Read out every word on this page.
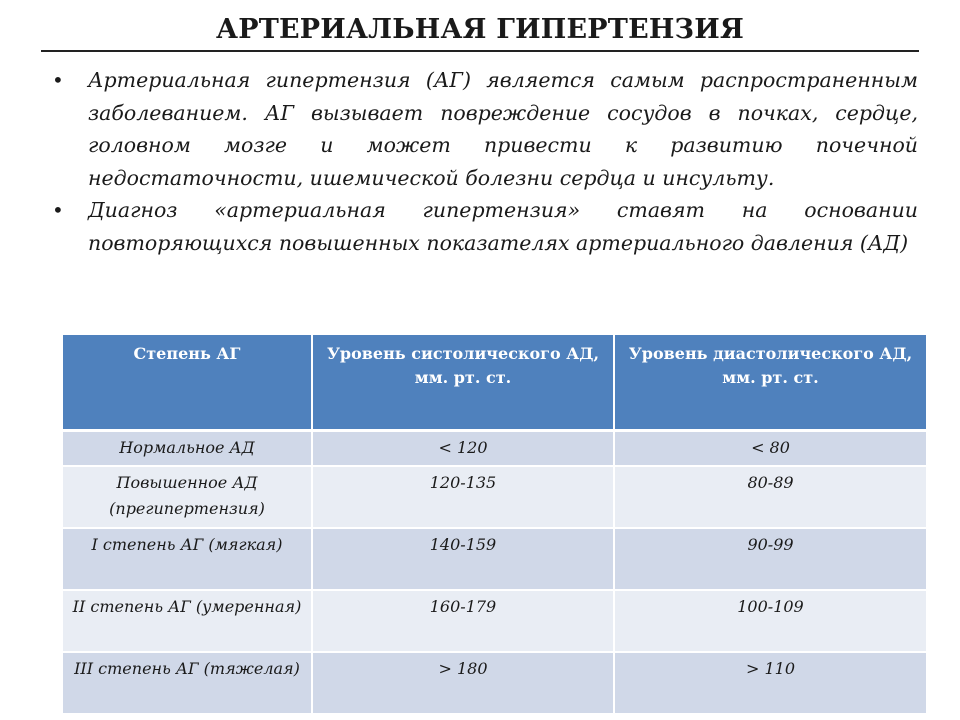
АРТЕРИАЛЬНАЯ ГИПЕРТЕНЗИЯ
• Артериальная гипертензия (АГ) является самым распространенным заболеванием. АГ вызывает повреждение сосудов в почках, сердце, головном мозге и может привести к развитию почечной недостаточности, ишемической болезни сердца и инсульту.
• Диагноз «артериальная гипертензия» ставят на основании повторяющихся повышенных показателях артериального давления (АД)
Степень АГ	Уровень систолического АД, мм. рт. ст.	Уровень диастолического АД, мм. рт. ст.
Нормальное АД	< 120	< 80
Повышенное АД (прегипертензия)	120-135	80-89
I степень АГ (мягкая)	140-159	90-99
II степень АГ (умеренная)	160-179	100-109
III степень АГ (тяжелая)	> 180	> 110
